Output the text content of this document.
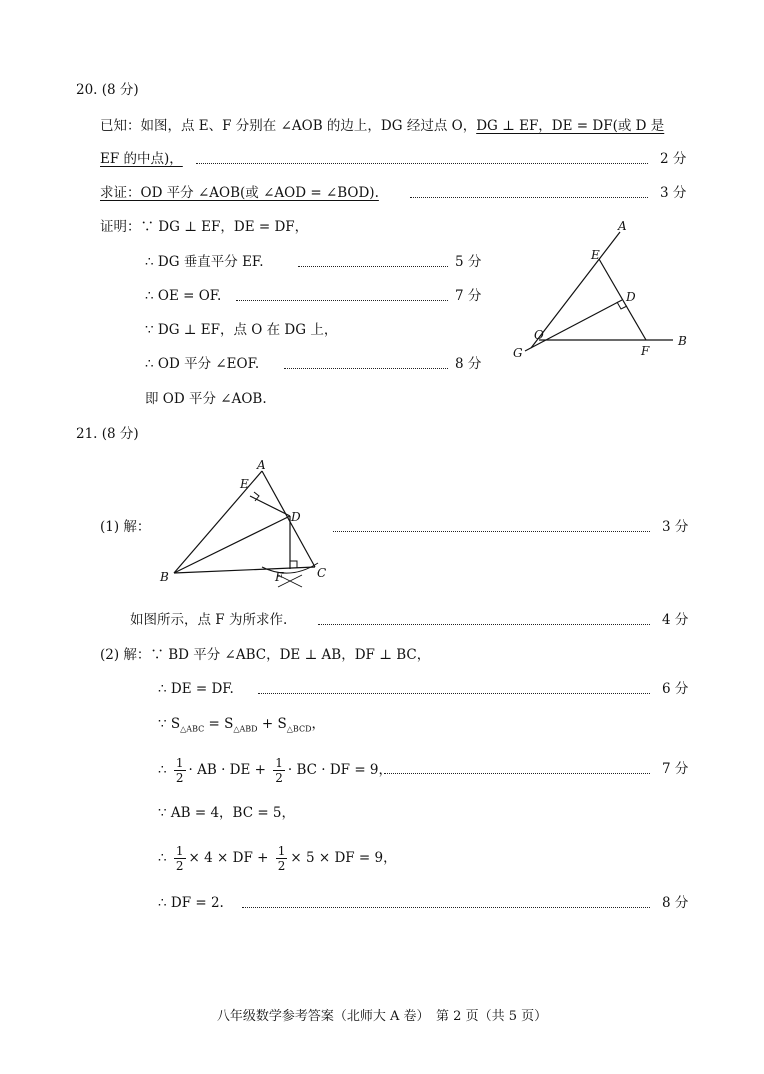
20. (8 分)
已知：如图，点 E、F 分别在 ∠AOB 的边上，DG 经过点 O，DG ⊥ EF，DE = DF(或 D 是
EF 的中点)，	2 分
求证：OD 平分 ∠AOB(或 ∠AOD = ∠BOD).	3 分
证明：∵ DG ⊥ EF，DE = DF，
∴ DG 垂直平分 EF.	5 分
∴ OE = OF.	7 分
∵ DG ⊥ EF，点 O 在 DG 上，
∴ OD 平分 ∠EOF.	8 分
即 OD 平分 ∠AOB.
A
E
D
O	B
G	F
21. (8 分)
A
E
D
B	F	C
(1) 解：	3 分
如图所示，点 F 为所求作.	4 分
(2) 解：∵ BD 平分 ∠ABC，DE ⊥ AB，DF ⊥ BC，
∴ DE = DF.	6 分
∵ $S_{\triangle ABC} = S_{\triangle ABD} + S_{\triangle BCD}$，
∴ $\frac{1}{2}$ · AB · DE + $\frac{1}{2}$ · BC · DF = 9，	7 分
∵ AB = 4，BC = 5，
∴ $\frac{1}{2} \times 4$ × DF + $\frac{1}{2} \times 5$ × DF = 9，
∴ DF = 2.	8 分
八年级数学参考答案（北师大 A 卷）　第 2 页（共 5 页）
